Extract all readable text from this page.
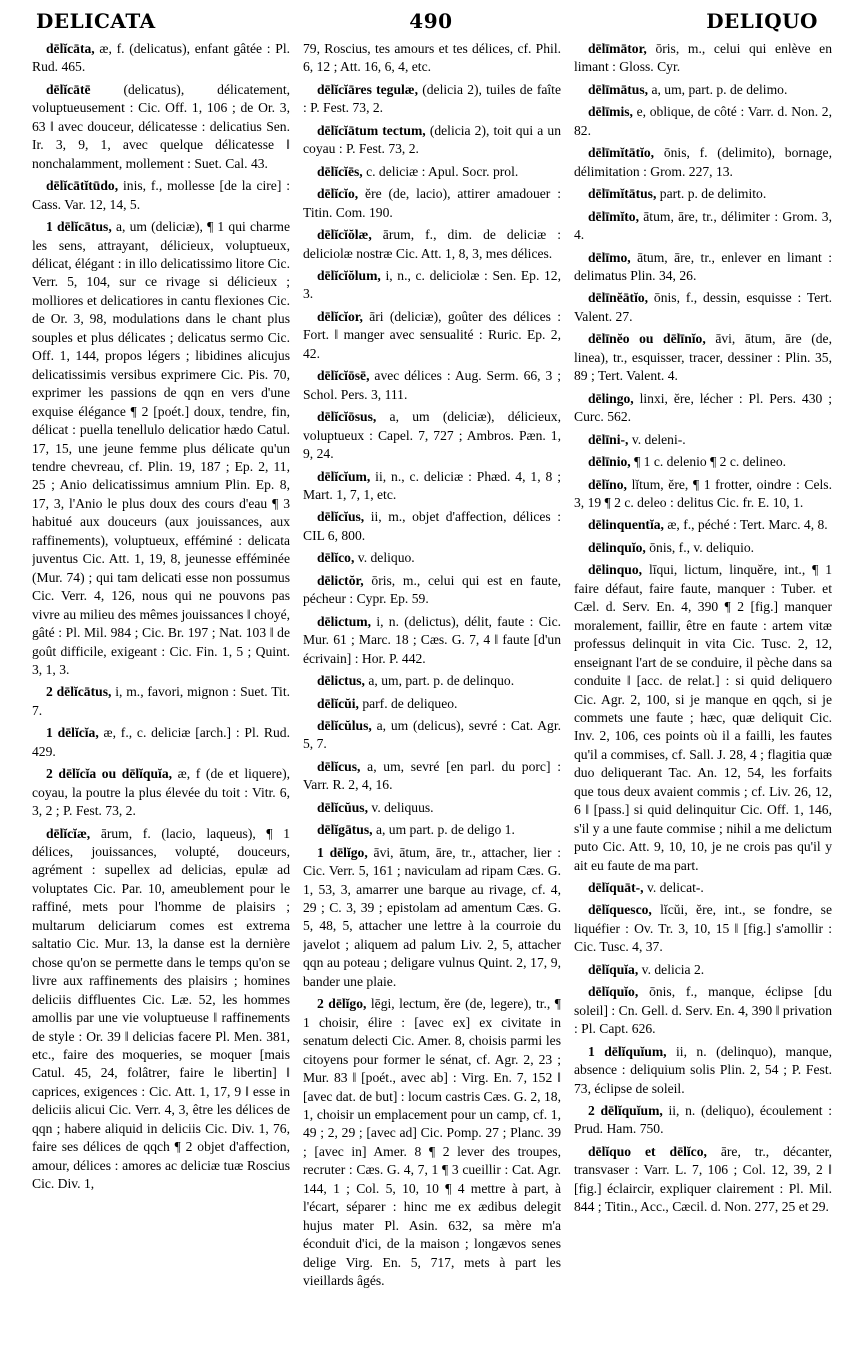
DELICATA	490	DELIQUO

dēlĭcāta, æ, f. (delicatus), enfant gâtée : Pl. Rud. 465.

dēlĭcātē (delicatus), délicatement, voluptueusement : Cic. Off. 1, 106 ; de Or. 3, 63 ‖ avec douceur, délicatesse : delicatius Sen. Ir. 3, 9, 1, avec quelque délicatesse ‖ nonchalamment, mollement : Suet. Cal. 43.

dēlĭcātĭtūdo, inis, f., mollesse [de la cire] : Cass. Var. 12, 14, 5.

1 dēlĭcātus, a, um (deliciæ), ¶ 1 qui charme les sens, attrayant, délicieux, voluptueux, délicat, élégant : in illo delicatissimo litore Cic. Verr. 5, 104, sur ce rivage si délicieux ; molliores et delicatiores in cantu flexiones Cic. de Or. 3, 98, modulations dans le chant plus souples et plus délicates ; delicatus sermo Cic. Off. 1, 144, propos légers ; libidines alicujus delicatissimis versibus exprimere Cic. Pis. 70, exprimer les passions de qqn en vers d'une exquise élégance ¶ 2 [poét.] doux, tendre, fin, délicat : puella tenellulo delicatior hædo Catul. 17, 15, une jeune femme plus délicate qu'un tendre chevreau, cf. Plin. 19, 187 ; Ep. 2, 11, 25 ; Anio delicatissimus amnium Plin. Ep. 8, 17, 3, l'Anio le plus doux des cours d'eau ¶ 3 habitué aux douceurs (aux jouissances, aux raffinements), voluptueux, efféminé : delicata juventus Cic. Att. 1, 19, 8, jeunesse efféminée (Mur. 74) ; qui tam delicati esse non possumus Cic. Verr. 4, 126, nous qui ne pouvons pas vivre au milieu des mêmes jouissances ‖ choyé, gâté : Pl. Mil. 984 ; Cic. Br. 197 ; Nat. 103 ‖ de goût difficile, exigeant : Cic. Fin. 1, 5 ; Quint. 3, 1, 3.

2 dēlĭcātus, i, m., favori, mignon : Suet. Tit. 7.

1 dēlĭcĭa, æ, f., c. deliciæ [arch.] : Pl. Rud. 429.

2 dēlĭcĭa ou dēlĭquĭa, æ, f (de et liquere), coyau, la poutre la plus élevée du toit : Vitr. 6, 3, 2 ; P. Fest. 73, 2.

dēlĭcĭæ, ārum, f. (lacio, laqueus), ¶ 1 délices, jouissances, volupté, douceurs, agrément : supellex ad delicias, epulæ ad voluptates Cic. Par. 10, ameublement pour le raffiné, mets pour l'homme de plaisirs ; multarum deliciarum comes est extrema saltatio Cic. Mur. 13, la danse est la dernière chose qu'on se permette dans le temps qu'on se livre aux raffinements des plaisirs ; homines deliciis diffluentes Cic. Læ. 52, les hommes amollis par une vie voluptueuse ‖ raffinements de style : Or. 39 ‖ delicias facere Pl. Men. 381, etc., faire des moqueries, se moquer [mais Catul. 45, 24, folâtrer, faire le libertin] ‖ caprices, exigences : Cic. Att. 1, 17, 9 ‖ esse in deliciis alicui Cic. Verr. 4, 3, être les délices de qqn ; habere aliquid in deliciis Cic. Div. 1, 76, faire ses délices de qqch ¶ 2 objet d'affection, amour, délices : amores ac deliciæ tuæ Roscius Cic. Div. 1,

79, Roscius, tes amours et tes délices, cf. Phil. 6, 12 ; Att. 16, 6, 4, etc.

dēlĭcĭāres tegulæ, (delicia 2), tuiles de faîte : P. Fest. 73, 2.

dēlĭcĭātum tectum, (delicia 2), toit qui a un coyau : P. Fest. 73, 2.

dēlĭcĭēs, c. deliciæ : Apul. Socr. prol.

dēlĭcĭo, ĕre (de, lacio), attirer amadouer : Titin. Com. 190.

dēlĭcĭŏlæ, ārum, f., dim. de deliciæ : deliciolæ nostræ Cic. Att. 1, 8, 3, mes délices.

dēlĭcĭŏlum, i, n., c. deliciolæ : Sen. Ep. 12, 3.

dēlĭcĭor, āri (deliciæ), goûter des délices : Fort. ‖ manger avec sensualité : Ruric. Ep. 2, 42.

dēlĭcĭōsē, avec délices : Aug. Serm. 66, 3 ; Schol. Pers. 3, 111.

dēlĭcĭōsus, a, um (deliciæ), délicieux, voluptueux : Capel. 7, 727 ; Ambros. Pæn. 1, 9, 24.

dēlĭcĭum, ii, n., c. deliciæ : Phæd. 4, 1, 8 ; Mart. 1, 7, 1, etc.

dēlĭcĭus, ii, m., objet d'affection, délices : CIL 6, 800.

dēlĭco, v. deliquo.

dēlictŏr, ōris, m., celui qui est en faute, pécheur : Cypr. Ep. 59.

dēlictum, i, n. (delictus), délit, faute : Cic. Mur. 61 ; Marc. 18 ; Cæs. G. 7, 4 ‖ faute [d'un écrivain] : Hor. P. 442.

dēlictus, a, um, part. p. de delinquo.

dēlĭcŭi, parf. de deliqueo.

dēlĭcŭlus, a, um (delicus), sevré : Cat. Agr. 5, 7.

dēlĭcus, a, um, sevré [en parl. du porc] : Varr. R. 2, 4, 16.

dēlĭcŭus, v. deliquus.

dēlĭgātus, a, um part. p. de deligo 1.

1 dēlĭgo, āvi, ātum, āre, tr., attacher, lier : Cic. Verr. 5, 161 ; naviculam ad ripam Cæs. G. 1, 53, 3, amarrer une barque au rivage, cf. 4, 29 ; C. 3, 39 ; epistolam ad amentum Cæs. G. 5, 48, 5, attacher une lettre à la courroie du javelot ; aliquem ad palum Liv. 2, 5, attacher qqn au poteau ; deligare vulnus Quint. 2, 17, 9, bander une plaie.

2 dēlĭgo, lēgi, lectum, ĕre (de, legere), tr., ¶ 1 choisir, élire : [avec ex] ex civitate in senatum delecti Cic. Amer. 8, choisis parmi les citoyens pour former le sénat, cf. Agr. 2, 23 ; Mur. 83 ‖ [poét., avec ab] : Virg. En. 7, 152 ‖ [avec dat. de but] : locum castris Cæs. G. 2, 18, 1, choisir un emplacement pour un camp, cf. 1, 49 ; 2, 29 ; [avec ad] Cic. Pomp. 27 ; Planc. 39 ; [avec in] Amer. 8 ¶ 2 lever des troupes, recruter : Cæs. G. 4, 7, 1 ¶ 3 cueillir : Cat. Agr. 144, 1 ; Col. 5, 10, 10 ¶ 4 mettre à part, à l'écart, séparer : hinc me ex ædibus delegit hujus mater Pl. Asin. 632, sa mère m'a éconduit d'ici, de la maison ; longævos senes delige Virg. En. 5, 717, mets à part les vieillards âgés.

dēlīmātor, ōris, m., celui qui enlève en limant : Gloss. Cyr.

dēlīmātus, a, um, part. p. de delimo.

dēlīmis, e, oblique, de côté : Varr. d. Non. 2, 82.

dēlīmĭtātĭo, ōnis, f. (delimito), bornage, délimitation : Grom. 227, 13.

dēlīmĭtātus, part. p. de delimito.

dēlīmĭto, ātum, āre, tr., délimiter : Grom. 3, 4.

dēlīmo, ātum, āre, tr., enlever en limant : delimatus Plin. 34, 26.

dēlīnĕātĭo, ōnis, f., dessin, esquisse : Tert. Valent. 27.

dēlīnĕo ou dēlīnĭo, āvi, ātum, āre (de, linea), tr., esquisser, tracer, dessiner : Plin. 35, 89 ; Tert. Valent. 4.

dēlingo, linxi, ĕre, lécher : Pl. Pers. 430 ; Curc. 562.

dēlīni-, v. deleni-.

dēlīnio, ¶ 1 c. delenio ¶ 2 c. delineo.

dēlĭno, lĭtum, ĕre, ¶ 1 frotter, oindre : Cels. 3, 19 ¶ 2 c. deleo : delitus Cic. fr. E. 10, 1.

dēlinquentĭa, æ, f., péché : Tert. Marc. 4, 8.

dēlinquĭo, ōnis, f., v. deliquio.

dēlinquo, līqui, lictum, linquĕre, int., ¶ 1 faire défaut, faire faute, manquer : Tuber. et Cæl. d. Serv. En. 4, 390 ¶ 2 [fig.] manquer moralement, faillir, être en faute : artem vitæ professus delinquit in vita Cic. Tusc. 2, 12, enseignant l'art de se conduire, il pèche dans sa conduite ‖ [acc. de relat.] : si quid deliquero Cic. Agr. 2, 100, si je manque en qqch, si je commets une faute ; hæc, quæ deliquit Cic. Inv. 2, 106, ces points où il a failli, les fautes qu'il a commises, cf. Sall. J. 28, 4 ; flagitia quæ duo deliquerant Tac. An. 12, 54, les forfaits que tous deux avaient commis ; cf. Liv. 26, 12, 6 ‖ [pass.] si quid delinquitur Cic. Off. 1, 146, s'il y a une faute commise ; nihil a me delictum puto Cic. Att. 9, 10, 10, je ne crois pas qu'il y ait eu faute de ma part.

dēlĭquāt-, v. delicat-.

dēlĭquesco, lĭcŭi, ĕre, int., se fondre, se liquéfier : Ov. Tr. 3, 10, 15 ‖ [fig.] s'amollir : Cic. Tusc. 4, 37.

dēlĭquĭa, v. delicia 2.

dēlĭquĭo, ōnis, f., manque, éclipse [du soleil] : Cn. Gell. d. Serv. En. 4, 390 ‖ privation : Pl. Capt. 626.

1 dēlĭquĭum, ii, n. (delinquo), manque, absence : deliquium solis Plin. 2, 54 ; P. Fest. 73, éclipse de soleil.

2 dēlĭquĭum, ii, n. (deliquo), écoulement : Prud. Ham. 750.

dēlĭquo et dēlĭco, āre, tr., décanter, transvaser : Varr. L. 7, 106 ; Col. 12, 39, 2 ‖ [fig.] éclaircir, expliquer clairement : Pl. Mil. 844 ; Titin., Acc., Cæcil. d. Non. 277, 25 et 29.
